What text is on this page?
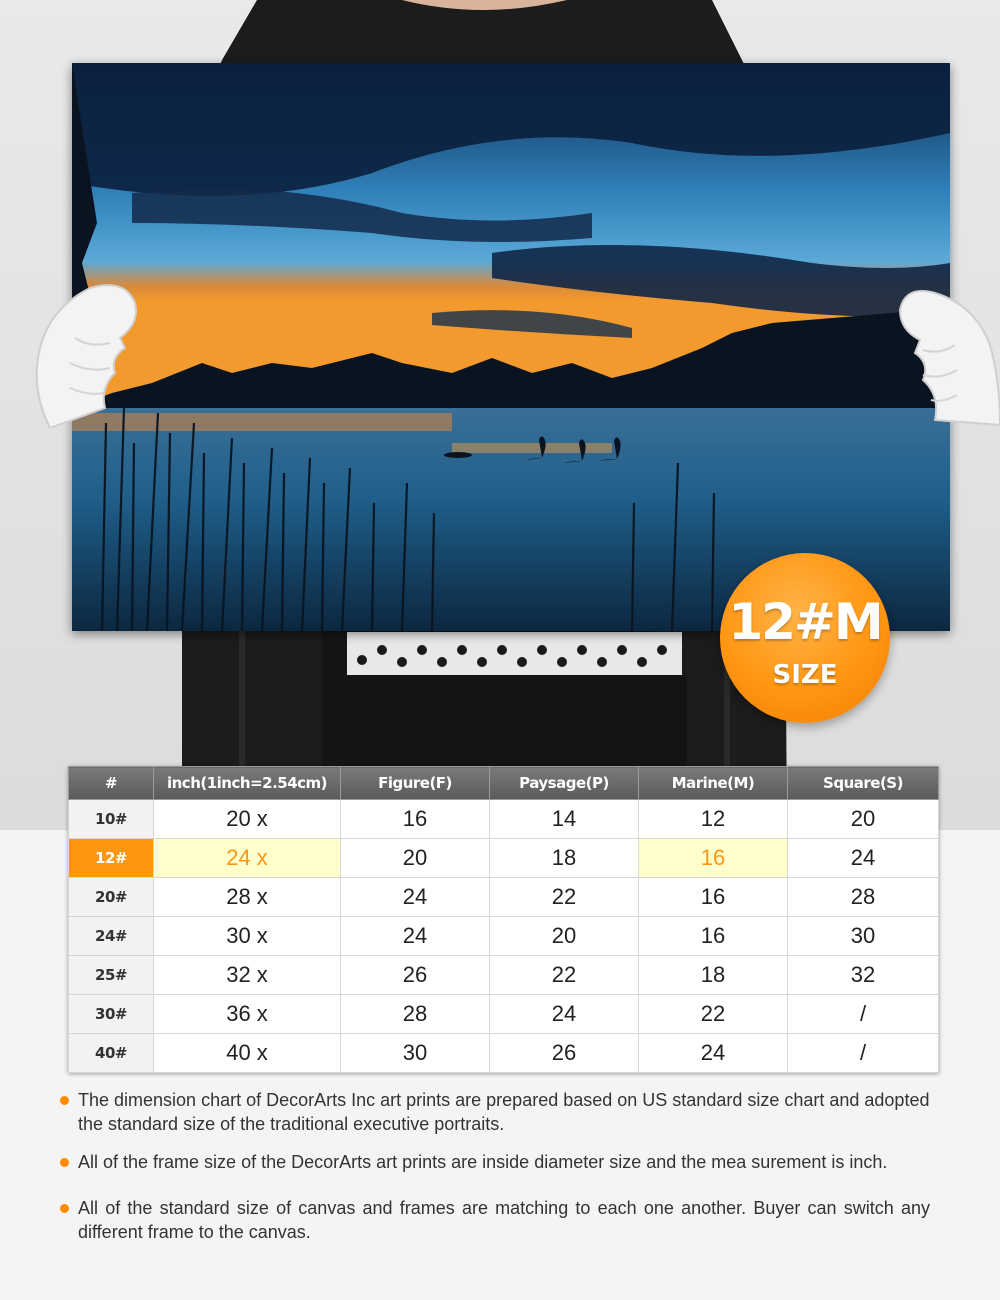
12#M
SIZE
#	inch(1inch=2.54cm)	Figure(F)	Paysage(P)	Marine(M)	Square(S)
10#	20 x	16	14	12	20
12#	24 x	20	18	16	24
20#	28 x	24	22	16	28
24#	30 x	24	20	16	30
25#	32 x	26	22	18	32
30#	36 x	28	24	22	/
40#	40 x	30	26	24	/
The dimension chart of DecorArts Inc art prints are prepared based on US standard size chart and adopted the standard size of the traditional executive portraits.
All of the frame size of the DecorArts art prints are inside diameter size and the mea surement is inch.
All of the standard size of canvas and frames are matching to each one another. Buyer can switch any different frame to the canvas.
